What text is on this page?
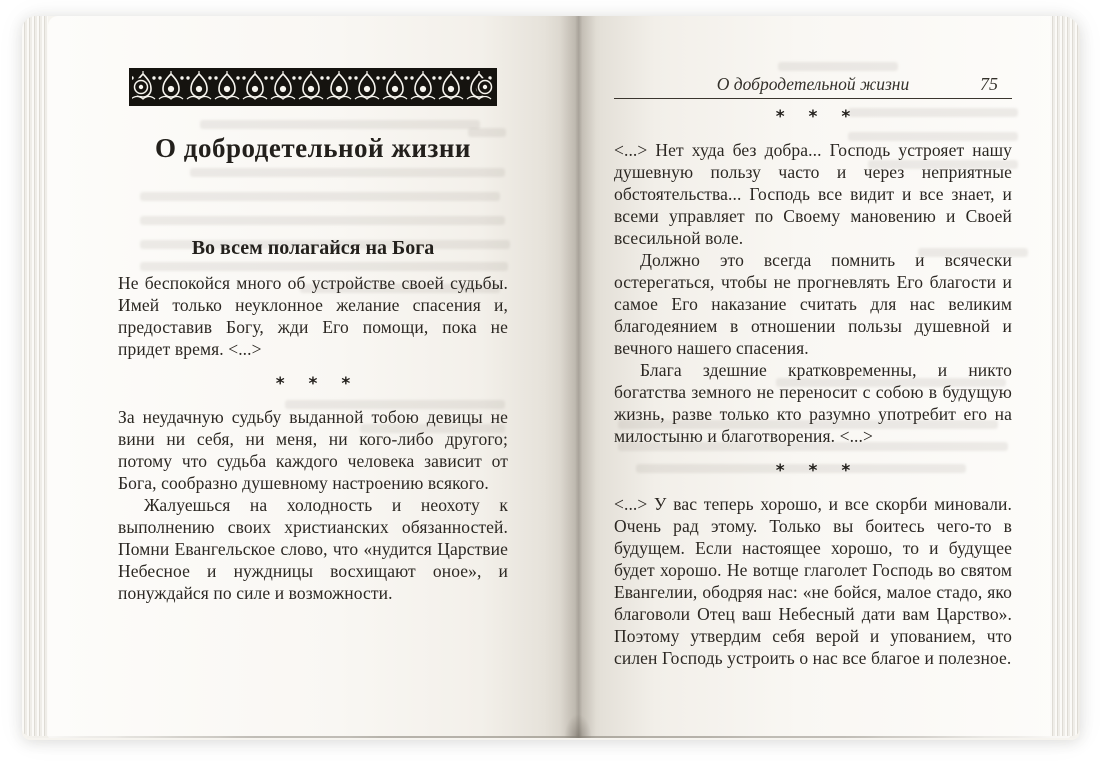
О добродетельной жизни
Во всем полагайся на Бога

Не беспокойся много об устройстве своей судьбы. Имей только неуклонное желание спасения и, предоставив Богу, жди Его помощи, пока не придет время. <...>

* * *

За неудачную судьбу выданной тобою девицы не вини ни себя, ни меня, ни кого-либо другого; потому что судьба каждого человека зависит от Бога, сообразно душевному настроению всякого.

Жалуешься на холодность и неохоту к выполнению своих христианских обязанностей. Помни Евангельское слово, что «нудится Царствие Небесное и нуждницы восхищают оное», и понуждайся по силе и возможности.

О добродетельной жизни	75
* * *

<...> Нет худа без добра... Господь устрояет нашу душевную пользу часто и через неприятные обстоятельства... Господь все видит и все знает, и всеми управляет по Своему мановению и Своей всесильной воле.

Должно это всегда помнить и всячески остерегаться, чтобы не прогневлять Его благости и самое Его наказание считать для нас великим благодеянием в отношении пользы душевной и вечного нашего спасения.

Блага здешние кратковременны, и никто богатства земного не переносит с собою в будущую жизнь, разве только кто разумно употребит его на милостыню и благотворения. <...>

* * *

<...> У вас теперь хорошо, и все скорби миновали. Очень рад этому. Только вы боитесь чего-то в будущем. Если настоящее хорошо, то и будущее будет хорошо. Не вотще глаголет Господь во святом Евангелии, ободряя нас: «не бойся, малое стадо, яко благоволи Отец ваш Небесный дати вам Царство». Поэтому утвердим себя верой и упованием, что силен Господь устроить о нас все благое и полезное.
